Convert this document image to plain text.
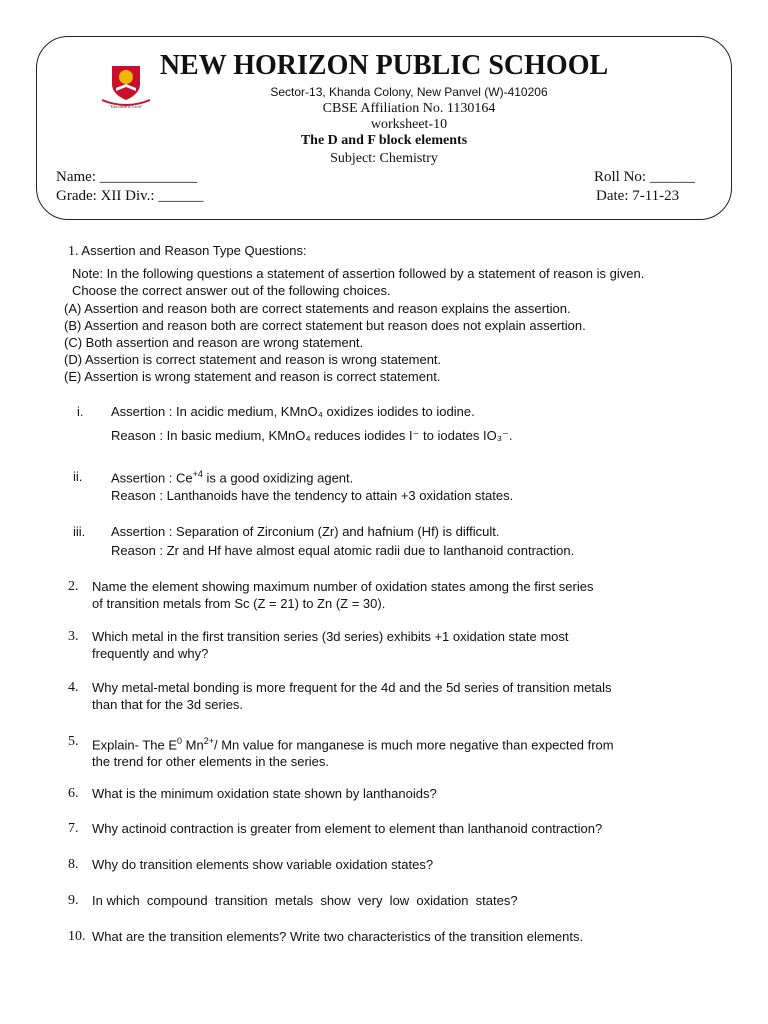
"Education to Excel"
NEW HORIZON PUBLIC SCHOOL
Sector-13, Khanda Colony, New Panvel (W)-410206
CBSE Affiliation No. 1130164
worksheet-10
The D and F block elements
Subject: Chemistry
Name: _____________	Roll No: ______
Grade: XII Div.: ______	Date: 7-11-23
1. Assertion and Reason Type Questions:
Note: In the following questions a statement of assertion followed by a statement of reason is given.
Choose the correct answer out of the following choices.
(A) Assertion and reason both are correct statements and reason explains the assertion.
(B) Assertion and reason both are correct statement but reason does not explain assertion.
(C) Both assertion and reason are wrong statement.
(D) Assertion is correct statement and reason is wrong statement.
(E) Assertion is wrong statement and reason is correct statement.
i. Assertion : In acidic medium, KMnO₄ oxidizes iodides to iodine.
Reason : In basic medium, KMnO₄ reduces iodides I⁻ to iodates IO₃⁻.
ii. Assertion : $Ce^{+4}$ is a good oxidizing agent.
Reason : Lanthanoids have the tendency to attain +3 oxidation states.
iii. Assertion : Separation of Zirconium (Zr) and hafnium (Hf) is difficult.
Reason : Zr and Hf have almost equal atomic radii due to lanthanoid contraction.
2. Name the element showing maximum number of oxidation states among the first series
of transition metals from Sc (Z = 21) to Zn (Z = 30).
3. Which metal in the first transition series (3d series) exhibits +1 oxidation state most
frequently and why?
4. Why metal-metal bonding is more frequent for the 4d and the 5d series of transition metals
than that for the 3d series.
5. Explain- The $E^0$ $Mn^{2+}/$ Mn value for manganese is much more negative than expected from
the trend for other elements in the series.
6. What is the minimum oxidation state shown by lanthanoids?
7. Why actinoid contraction is greater from element to element than lanthanoid contraction?
8. Why do transition elements show variable oxidation states?
9. In which  compound  transition  metals  show  very  low  oxidation  states?
10. What are the transition elements? Write two characteristics of the transition elements.
